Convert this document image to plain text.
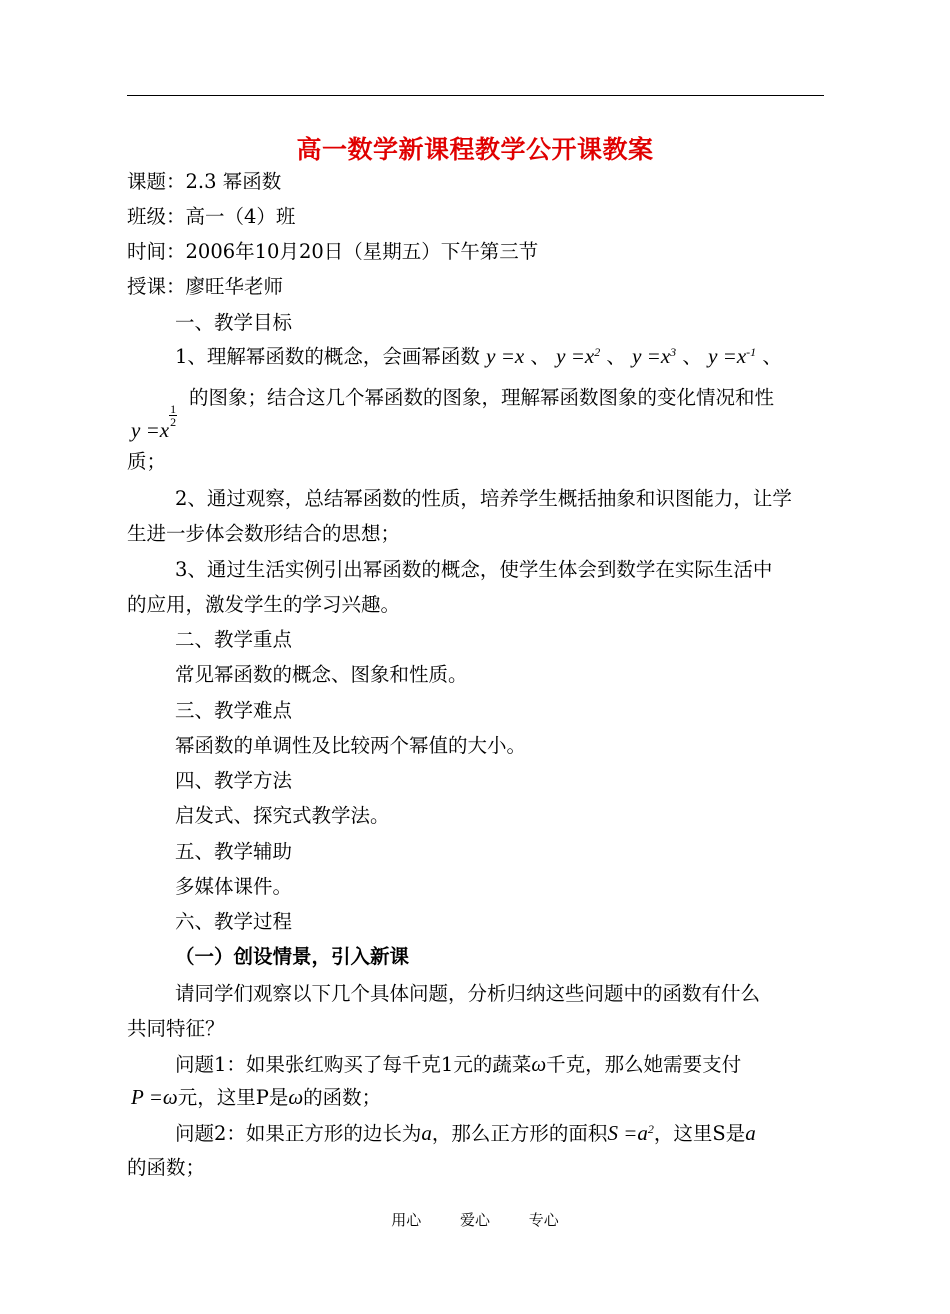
高一数学新课程教学公开课教案
课题：2.3 幂函数
班级：高一（4）班
时间：2006年10月20日（星期五）下午第三节
授课：廖旺华老师
一、教学目标
1、理解幂函数的概念，会画幂函数 y =x 、 $y =x^2$ 、 $y =x^3$ 、 $y =x^{-1}$ 、
y =x
$\frac{1}{2}$
的图象；结合这几个幂函数的图象，理解幂函数图象的变化情况和性
质；
2、通过观察，总结幂函数的性质，培养学生概括抽象和识图能力，让学
生进一步体会数形结合的思想；
3、通过生活实例引出幂函数的概念，使学生体会到数学在实际生活中
的应用，激发学生的学习兴趣。
二、教学重点
常见幂函数的概念、图象和性质。
三、教学难点
幂函数的单调性及比较两个幂值的大小。
四、教学方法
启发式、探究式教学法。
五、教学辅助
多媒体课件。
六、教学过程
（一）创设情景，引入新课
请同学们观察以下几个具体问题，分析归纳这些问题中的函数有什么
共同特征？
问题1：如果张红购买了每千克1元的蔬菜ω千克，那么她需要支付
P =ω元，这里P是ω的函数；
问题2：如果正方形的边长为a，那么正方形的面积$S =a^2$，这里S是a
的函数；
用心	爱心	专心
